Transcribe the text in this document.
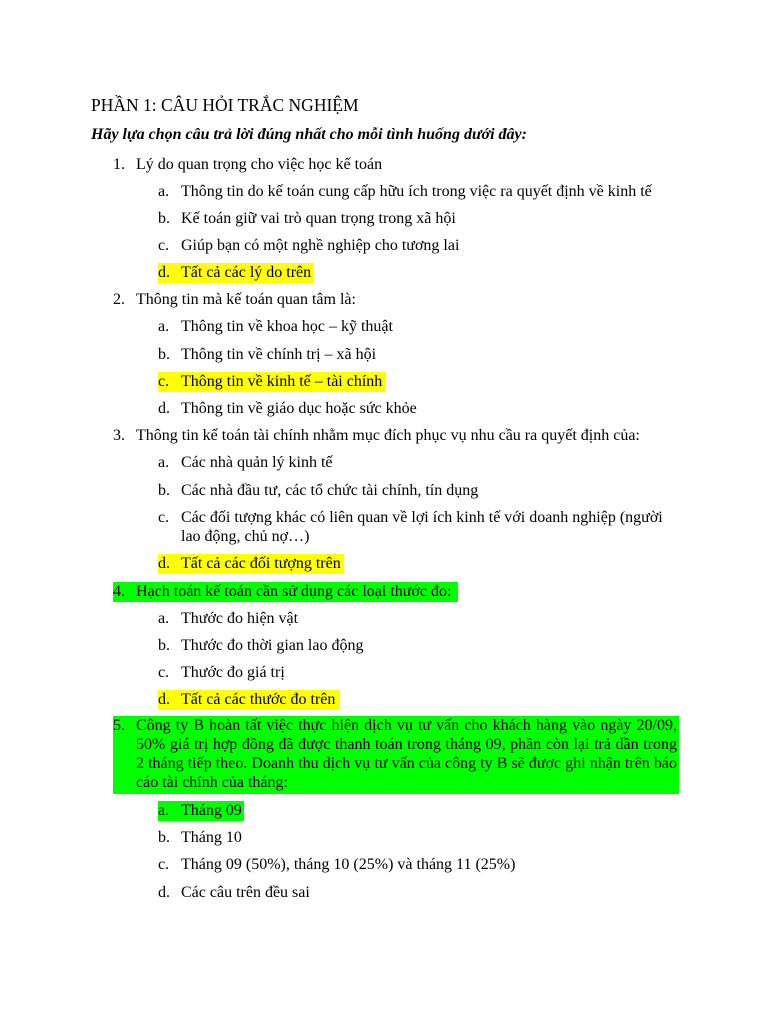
PHẦN 1: CÂU HỎI TRẮC NGHIỆM
Hãy lựa chọn câu trả lời đúng nhất cho mỗi tình huống dưới đây:
1. Lý do quan trọng cho việc học kế toán
a. Thông tin do kế toán cung cấp hữu ích trong việc ra quyết định về kinh tế
b. Kế toán giữ vai trò quan trọng trong xã hội
c. Giúp bạn có một nghề nghiệp cho tương lai
d. Tất cả các lý do trên
2. Thông tin mà kế toán quan tâm là:
a. Thông tin về khoa học – kỹ thuật
b. Thông tin về chính trị – xã hội
c. Thông tin về kinh tế – tài chính
d. Thông tin về giáo dục hoặc sức khỏe
3. Thông tin kế toán tài chính nhằm mục đích phục vụ nhu cầu ra quyết định của:
a. Các nhà quản lý kinh tế
b. Các nhà đầu tư, các tổ chức tài chính, tín dụng
c. Các đối tượng khác có liên quan về lợi ích kinh tế với doanh nghiệp (người lao động, chủ nợ…)
d. Tất cả các đối tượng trên
4. Hạch toán kế toán cần sử dụng các loại thước đo:
a. Thước đo hiện vật
b. Thước đo thời gian lao động
c. Thước đo giá trị
d. Tất cả các thước đo trên
5. Công ty B hoàn tất việc thực hiện dịch vụ tư vấn cho khách hàng vào ngày 20/09, 50% giá trị hợp đồng đã được thanh toán trong tháng 09, phần còn lại trả dần trong 2 tháng tiếp theo. Doanh thu dịch vụ tư vấn của công ty B sẽ được ghi nhận trên báo cáo tài chính của tháng:
a. Tháng 09
b. Tháng 10
c. Tháng 09 (50%), tháng 10 (25%) và tháng 11 (25%)
d. Các câu trên đều sai
